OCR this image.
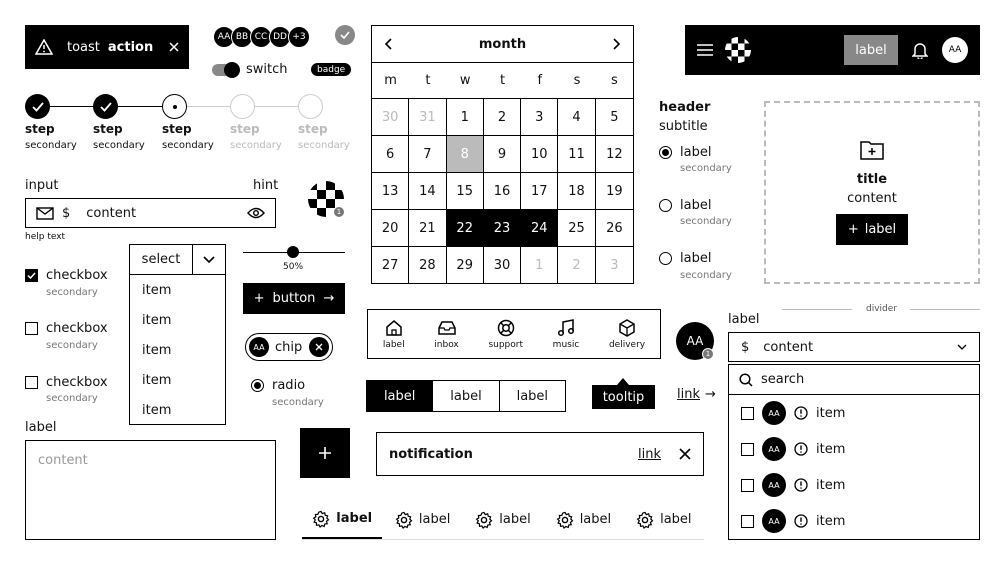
toast action
AA BB CC DD +3
switch	badge
step	step	step	step	step
secondary secondary secondary secondary secondary
input	hint
$ content
help text
1
checkbox
secondary
checkbox
secondary
checkbox
secondary
select
item
item
item
item
item
50%
+ button →
AA chip
radio
secondary
label
content
month
m	t	w	t	f	s	s
30	31	1	2	3	4	5
6	7	8	9	10	11	12
13	14	15	16	17	18	19
20	21	22	23	24	25	26
27	28	29	30	1	2	3
label	AA
header
subtitle
label
secondary
label
secondary
label
secondary
title
content
+ label
divider
label	inbox	support	music	delivery	AA
1
label	label	label	tooltip	link →
notification	link
label	label	label	label	label
label
$ content
search
AA	item
AA	item
AA	item
AA	item
